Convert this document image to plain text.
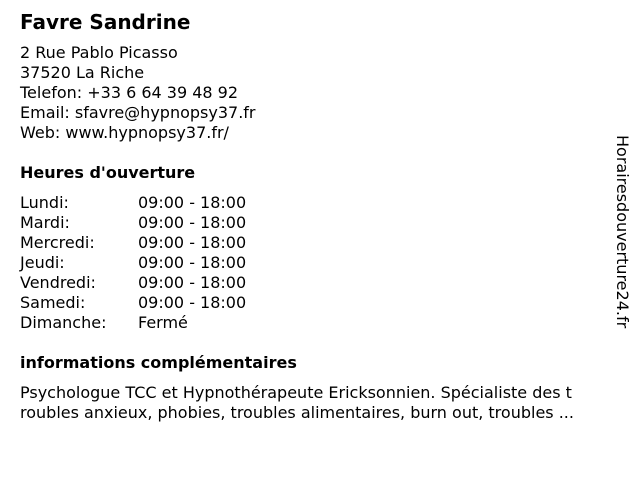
Favre Sandrine
2 Rue Pablo Picasso
37520 La Riche
Telefon: +33 6 64 39 48 92
Email: sfavre@hypnopsy37.fr
Web: www.hypnopsy37.fr/
Heures d'ouverture
Lundi:	09:00 - 18:00
Mardi:	09:00 - 18:00
Mercredi:	09:00 - 18:00
Jeudi:	09:00 - 18:00
Vendredi:	09:00 - 18:00
Samedi:	09:00 - 18:00
Dimanche: Fermé
informations complémentaires
Psychologue TCC et Hypnothérapeute Ericksonnien. Spécialiste des t
roubles anxieux, phobies, troubles alimentaires, burn out, troubles ...
Horairesdouverture24.fr
